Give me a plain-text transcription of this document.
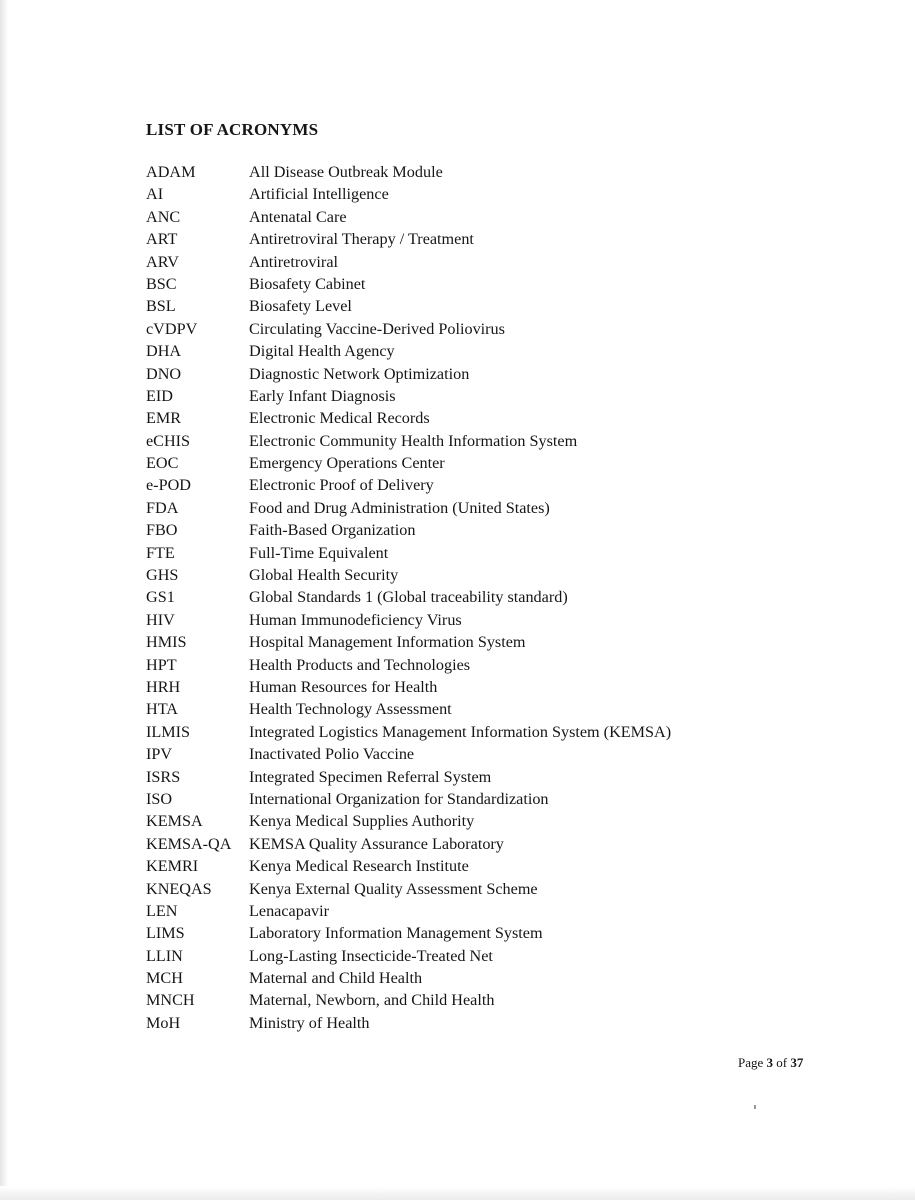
LIST OF ACRONYMS
ADAM	All Disease Outbreak Module
AI	Artificial Intelligence
ANC	Antenatal Care
ART	Antiretroviral Therapy / Treatment
ARV	Antiretroviral
BSC	Biosafety Cabinet
BSL	Biosafety Level
cVDPV	Circulating Vaccine-Derived Poliovirus
DHA	Digital Health Agency
DNO	Diagnostic Network Optimization
EID	Early Infant Diagnosis
EMR	Electronic Medical Records
eCHIS	Electronic Community Health Information System
EOC	Emergency Operations Center
e-POD	Electronic Proof of Delivery
FDA	Food and Drug Administration (United States)
FBO	Faith-Based Organization
FTE	Full-Time Equivalent
GHS	Global Health Security
GS1	Global Standards 1 (Global traceability standard)
HIV	Human Immunodeficiency Virus
HMIS	Hospital Management Information System
HPT	Health Products and Technologies
HRH	Human Resources for Health
HTA	Health Technology Assessment
ILMIS	Integrated Logistics Management Information System (KEMSA)
IPV	Inactivated Polio Vaccine
ISRS	Integrated Specimen Referral System
ISO	International Organization for Standardization
KEMSA	Kenya Medical Supplies Authority
KEMSA-QA KEMSA Quality Assurance Laboratory
KEMRI	Kenya Medical Research Institute
KNEQAS Kenya External Quality Assessment Scheme
LEN	Lenacapavir
LIMS	Laboratory Information Management System
LLIN	Long-Lasting Insecticide-Treated Net
MCH	Maternal and Child Health
MNCH	Maternal, Newborn, and Child Health
MoH	Ministry of Health
Page 3 of 37
